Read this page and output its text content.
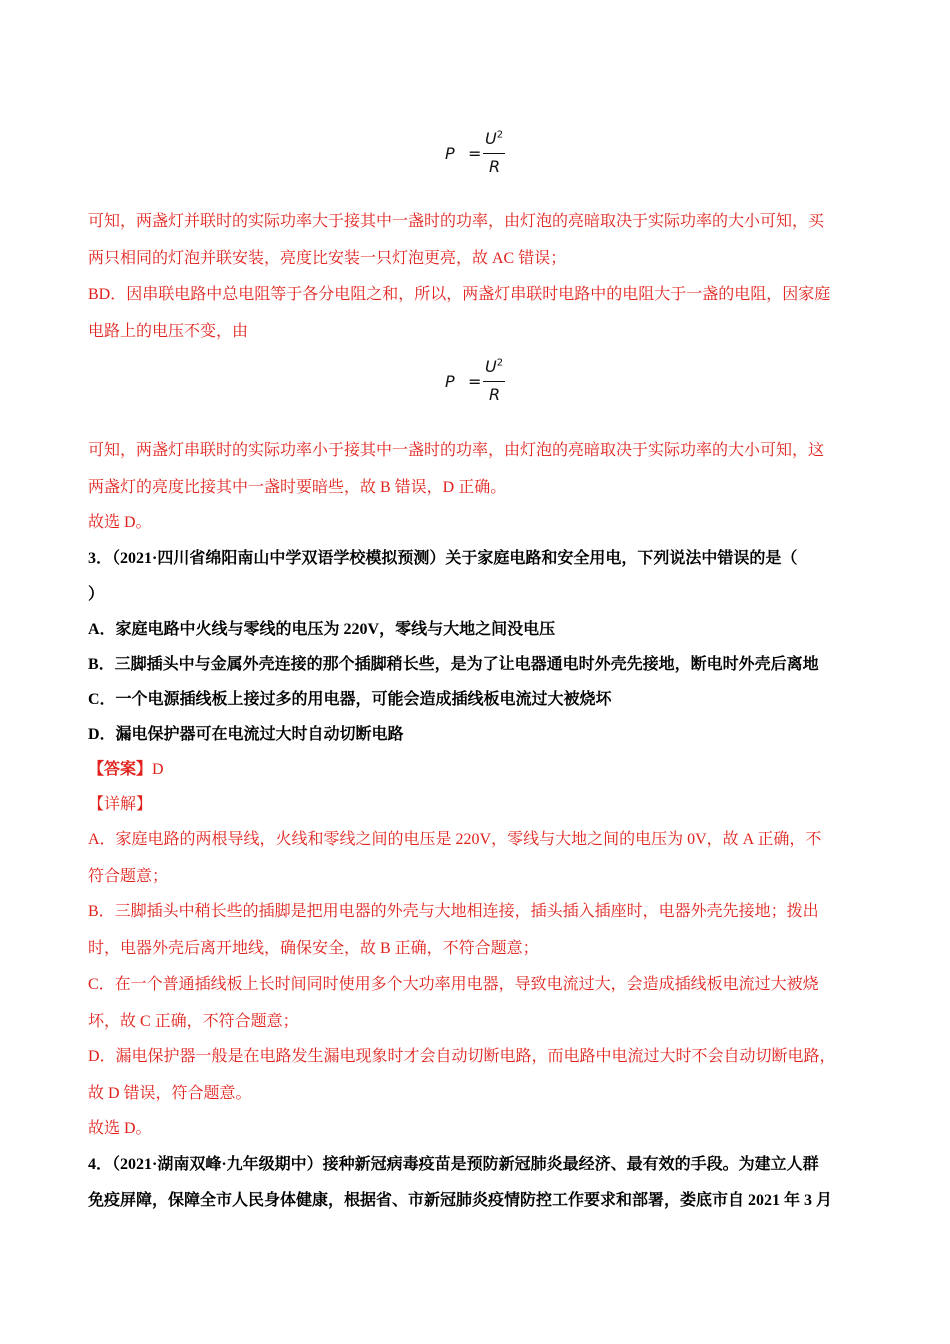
P =
$U^2$
R
可知，两盏灯并联时的实际功率大于接其中一盏时的功率，由灯泡的亮暗取决于实际功率的大小可知，买
两只相同的灯泡并联安装，亮度比安装一只灯泡更亮，故 AC 错误；
BD．因串联电路中总电阻等于各分电阻之和，所以，两盏灯串联时电路中的电阻大于一盏的电阻，因家庭
电路上的电压不变，由
P =
$U^2$
R
可知，两盏灯串联时的实际功率小于接其中一盏时的功率，由灯泡的亮暗取决于实际功率的大小可知，这
两盏灯的亮度比接其中一盏时要暗些，故 B 错误，D 正确。
故选 D。
3．（2021·四川省绵阳南山中学双语学校模拟预测）关于家庭电路和安全用电，下列说法中错误的是（
）
A．家庭电路中火线与零线的电压为 220V，零线与大地之间没电压
B．三脚插头中与金属外壳连接的那个插脚稍长些，是为了让电器通电时外壳先接地，断电时外壳后离地
C．一个电源插线板上接过多的用电器，可能会造成插线板电流过大被烧坏
D．漏电保护器可在电流过大时自动切断电路
【答案】D
【详解】
A．家庭电路的两根导线，火线和零线之间的电压是 220V，零线与大地之间的电压为 0V，故 A 正确，不
符合题意；
B．三脚插头中稍长些的插脚是把用电器的外壳与大地相连接，插头插入插座时，电器外壳先接地；拨出
时，电器外壳后离开地线，确保安全，故 B 正确，不符合题意；
C．在一个普通插线板上长时间同时使用多个大功率用电器，导致电流过大，会造成插线板电流过大被烧
坏，故 C 正确，不符合题意；
D．漏电保护器一般是在电路发生漏电现象时才会自动切断电路，而电路中电流过大时不会自动切断电路，
故 D 错误，符合题意。
故选 D。
4．（2021·湖南双峰·九年级期中）接种新冠病毒疫苗是预防新冠肺炎最经济、最有效的手段。为建立人群
免疫屏障，保障全市人民身体健康，根据省、市新冠肺炎疫情防控工作要求和部署，娄底市自 2021 年 3 月
